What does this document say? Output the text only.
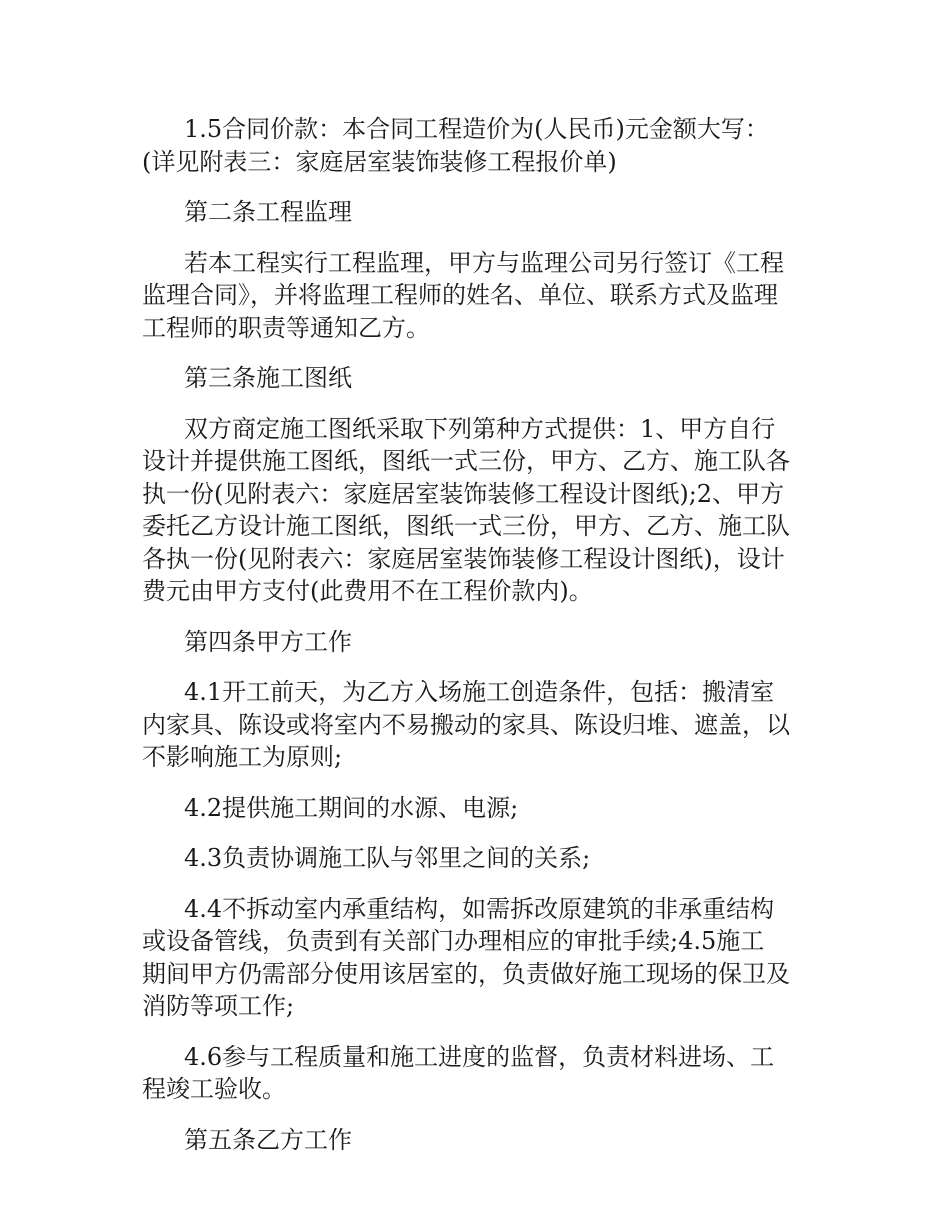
1.5合同价款：本合同工程造价为(人民币)元金额大写：
(详见附表三：家庭居室装饰装修工程报价单)

第二条工程监理

若本工程实行工程监理，甲方与监理公司另行签订《工程
监理合同》，并将监理工程师的姓名、单位、联系方式及监理
工程师的职责等通知乙方。

第三条施工图纸

双方商定施工图纸采取下列第种方式提供：1、甲方自行
设计并提供施工图纸，图纸一式三份，甲方、乙方、施工队各
执一份(见附表六：家庭居室装饰装修工程设计图纸);2、甲方
委托乙方设计施工图纸，图纸一式三份，甲方、乙方、施工队
各执一份(见附表六：家庭居室装饰装修工程设计图纸)，设计
费元由甲方支付(此费用不在工程价款内)。

第四条甲方工作

4.1开工前天，为乙方入场施工创造条件，包括：搬清室
内家具、陈设或将室内不易搬动的家具、陈设归堆、遮盖，以
不影响施工为原则;

4.2提供施工期间的水源、电源;

4.3负责协调施工队与邻里之间的关系;

4.4不拆动室内承重结构，如需拆改原建筑的非承重结构
或设备管线，负责到有关部门办理相应的审批手续;4.5施工
期间甲方仍需部分使用该居室的，负责做好施工现场的保卫及
消防等项工作;

4.6参与工程质量和施工进度的监督，负责材料进场、工
程竣工验收。

第五条乙方工作
